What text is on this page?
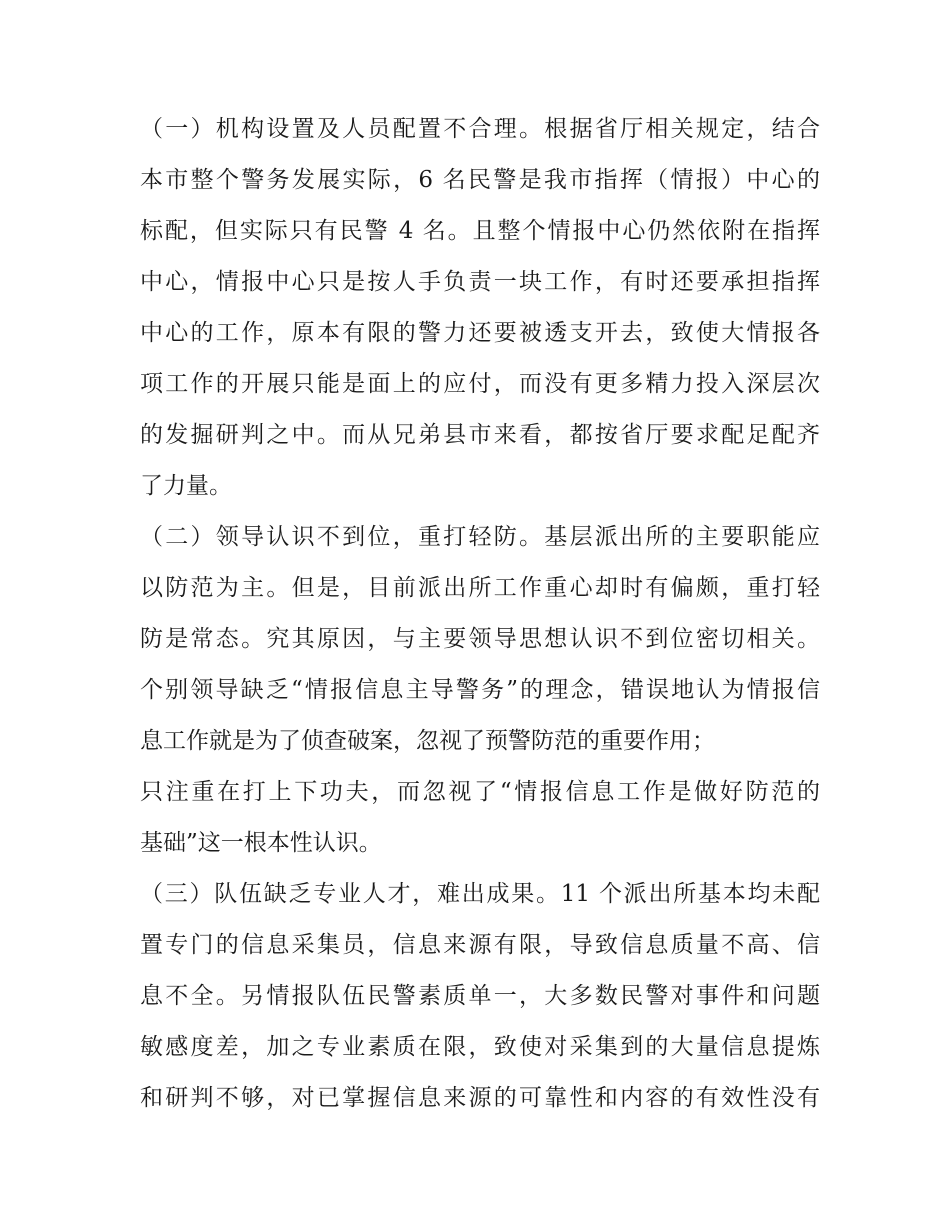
（一）机构设置及人员配置不合理。根据省厅相关规定，结合
本市整个警务发展实际，6 名民警是我市指挥（情报）中心的
标配，但实际只有民警 4 名。且整个情报中心仍然依附在指挥
中心，情报中心只是按人手负责一块工作，有时还要承担指挥
中心的工作，原本有限的警力还要被透支开去，致使大情报各
项工作的开展只能是面上的应付，而没有更多精力投入深层次
的发掘研判之中。而从兄弟县市来看，都按省厅要求配足配齐
了力量。
（二）领导认识不到位，重打轻防。基层派出所的主要职能应
以防范为主。但是，目前派出所工作重心却时有偏颇，重打轻
防是常态。究其原因，与主要领导思想认识不到位密切相关。
个别领导缺乏“情报信息主导警务”的理念，错误地认为情报信
息工作就是为了侦查破案，忽视了预警防范的重要作用；
只注重在打上下功夫，而忽视了“情报信息工作是做好防范的
基础”这一根本性认识。
（三）队伍缺乏专业人才，难出成果。11 个派出所基本均未配
置专门的信息采集员，信息来源有限，导致信息质量不高、信
息不全。另情报队伍民警素质单一，大多数民警对事件和问题
敏感度差，加之专业素质在限，致使对采集到的大量信息提炼
和研判不够，对已掌握信息来源的可靠性和内容的有效性没有
